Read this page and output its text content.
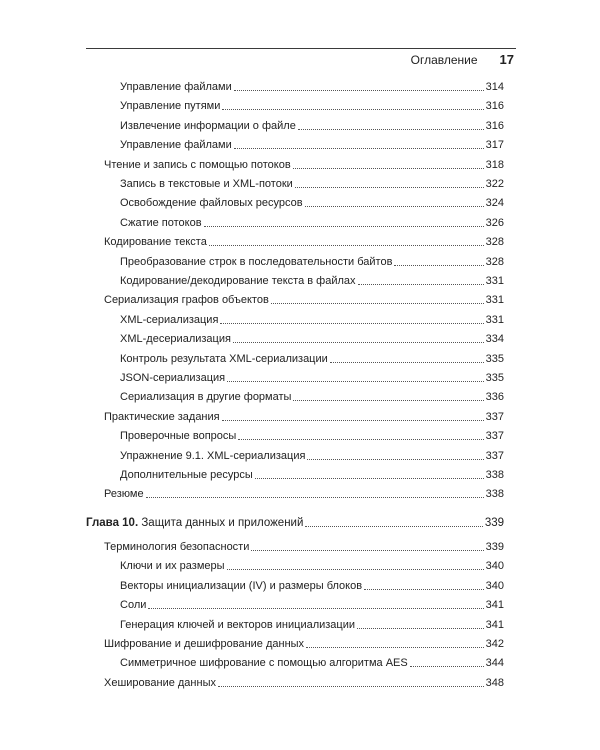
Оглавление 17
Управление файлами	314
Управление путями	316
Извлечение информации о файле	316
Управление файлами	317
Чтение и запись с помощью потоков	318
Запись в текстовые и XML-потоки	322
Освобождение файловых ресурсов	324
Сжатие потоков	326
Кодирование текста	328
Преобразование строк в последовательности байтов	328
Кодирование/декодирование текста в файлах	331
Сериализация графов объектов	331
XML-сериализация	331
XML-десериализация	334
Контроль результата XML-сериализации	335
JSON-сериализация	335
Сериализация в другие форматы	336
Практические задания	337
Проверочные вопросы	337
Упражнение 9.1. XML-сериализация	337
Дополнительные ресурсы	338
Резюме	338
Глава 10. Защита данных и приложений	339
Терминология безопасности	339
Ключи и их размеры	340
Векторы инициализации (IV) и размеры блоков	340
Соли	341
Генерация ключей и векторов инициализации	341
Шифрование и дешифрование данных	342
Симметричное шифрование с помощью алгоритма AES	344
Хеширование данных	348
